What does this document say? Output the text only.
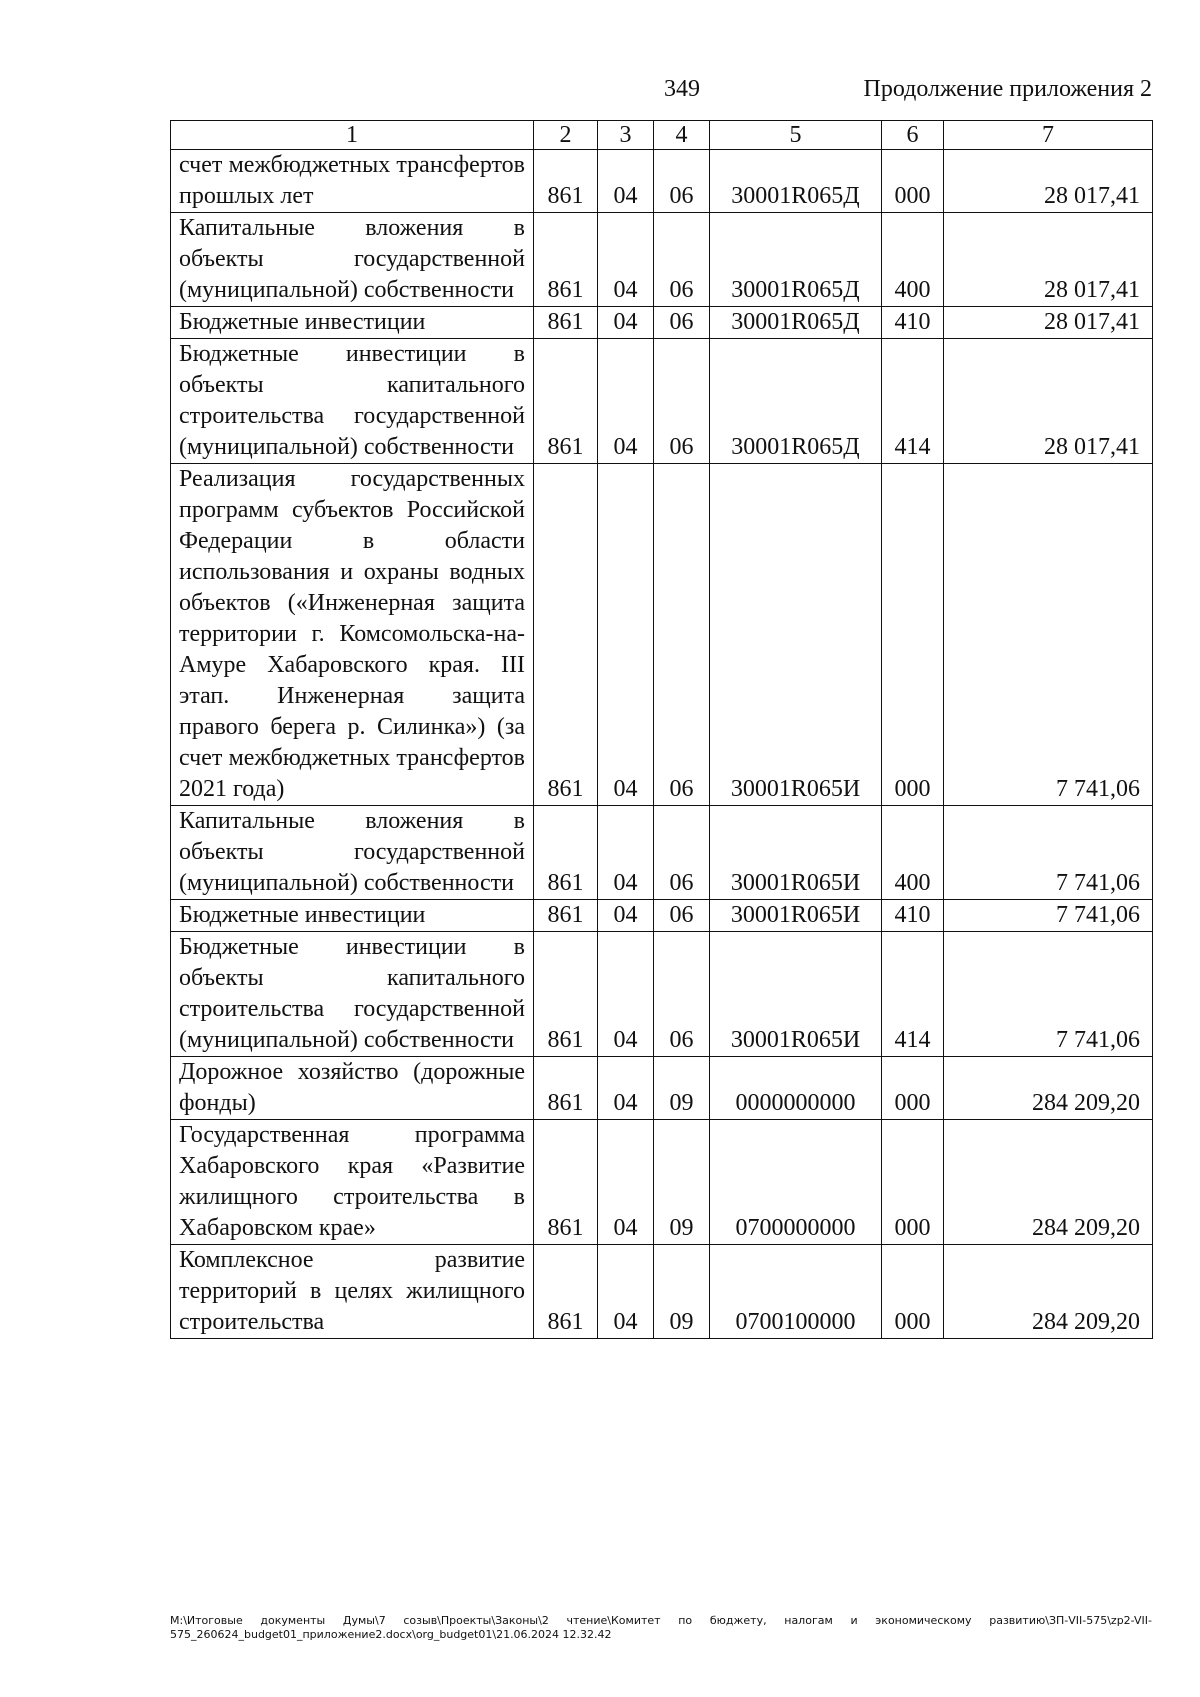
349	Продолжение приложения 2
1	2	3	4	5	6	7
счет межбюджетных трансфертов прошлых лет	861	04	06	30001R065Д	000	28 017,41
Капитальные вложения в объекты государственной (муниципальной) собственности	861	04	06	30001R065Д	400	28 017,41
Бюджетные инвестиции	861	04	06	30001R065Д	410	28 017,41
Бюджетные инвестиции в объекты капитального строительства государственной (муниципальной) собственности	861	04	06	30001R065Д	414	28 017,41
Реализация государственных программ субъектов Российской Федерации в области использования и охраны водных объектов («Инженерная защита территории г. Комсомольска-на-Амуре Хабаровского края. III этап. Инженерная защита правого берега р. Силинка») (за счет межбюджетных трансфертов 2021 года)	861	04	06	30001R065И	000	7 741,06
Капитальные вложения в объекты государственной (муниципальной) собственности	861	04	06	30001R065И	400	7 741,06
Бюджетные инвестиции	861	04	06	30001R065И	410	7 741,06
Бюджетные инвестиции в объекты капитального строительства государственной (муниципальной) собственности	861	04	06	30001R065И	414	7 741,06
Дорожное хозяйство (дорожные фонды)	861	04	09	0000000000	000	284 209,20
Государственная программа Хабаровского края «Развитие жилищного строительства в Хабаровском крае»	861	04	09	0700000000	000	284 209,20
Комплексное развитие территорий в целях жилищного строительства	861	04	09	0700100000	000	284 209,20
М:\Итоговые документы Думы\7 созыв\Проекты\Законы\2 чтение\Комитет по бюджету, налогам и экономическому развитию\ЗП-VII-575\zp2-VII-575_260624_budget01_приложение2.docx\org_budget01\21.06.2024 12.32.42
